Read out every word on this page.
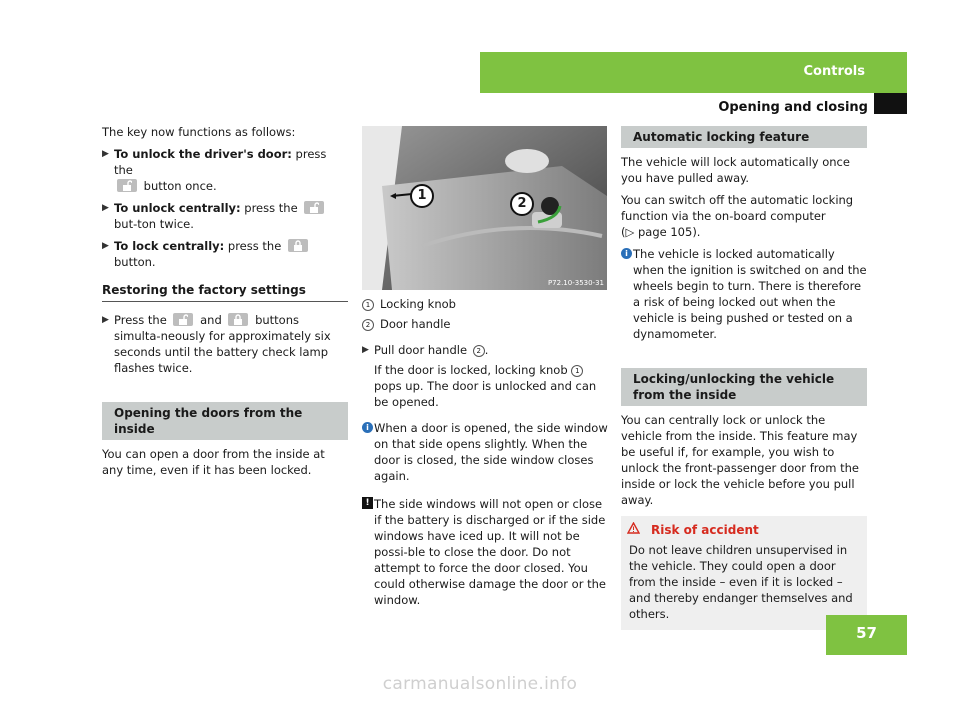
Controls
Opening and closing

The key now functions as follows:

▶ To unlock the driver's door: press the

button once.
▶ To unlock centrally: press the
but-ton twice.
▶ To lock centrally: press the
button.
Restoring the factory settings
▶ Press the	and	buttons simulta-neously for approximately six seconds until the battery check lamp flashes twice.
Opening the doors from the inside

You can open a door from the inside at any time, even if it has been locked.

1
2
P72.10-3530-31

1 Locking knob

2 Door handle

▶ Pull door handle 2 .

If the door is locked, locking knob 1pops up. The door is unlocked and can be opened.

i When a door is opened, the side window on that side opens slightly. When the door is closed, the side window closes again.
! The side windows will not open or close if the battery is discharged or if the side windows have iced up. It will not be possi-ble to close the door. Do not attempt to force the door closed. You could otherwise damage the door or the window.
Automatic locking feature

The vehicle will lock automatically once you have pulled away.

You can switch off the automatic locking function via the on-board computer

(▷ page 105).

i The vehicle is locked automatically when the ignition is switched on and the wheels begin to turn. There is therefore a risk of being locked out when the vehicle is being pushed or tested on a dynamometer.
Locking/unlocking the vehicle from the inside

You can centrally lock or unlock the vehicle from the inside. This feature may be useful if, for example, you wish to unlock the front-passenger door from the inside or lock the vehicle before you pull away.

Risk of accident

Do not leave children unsupervised in the vehicle. They could open a door from the inside – even if it is locked – and thereby endanger themselves and others.

57
carmanualsonline.info
